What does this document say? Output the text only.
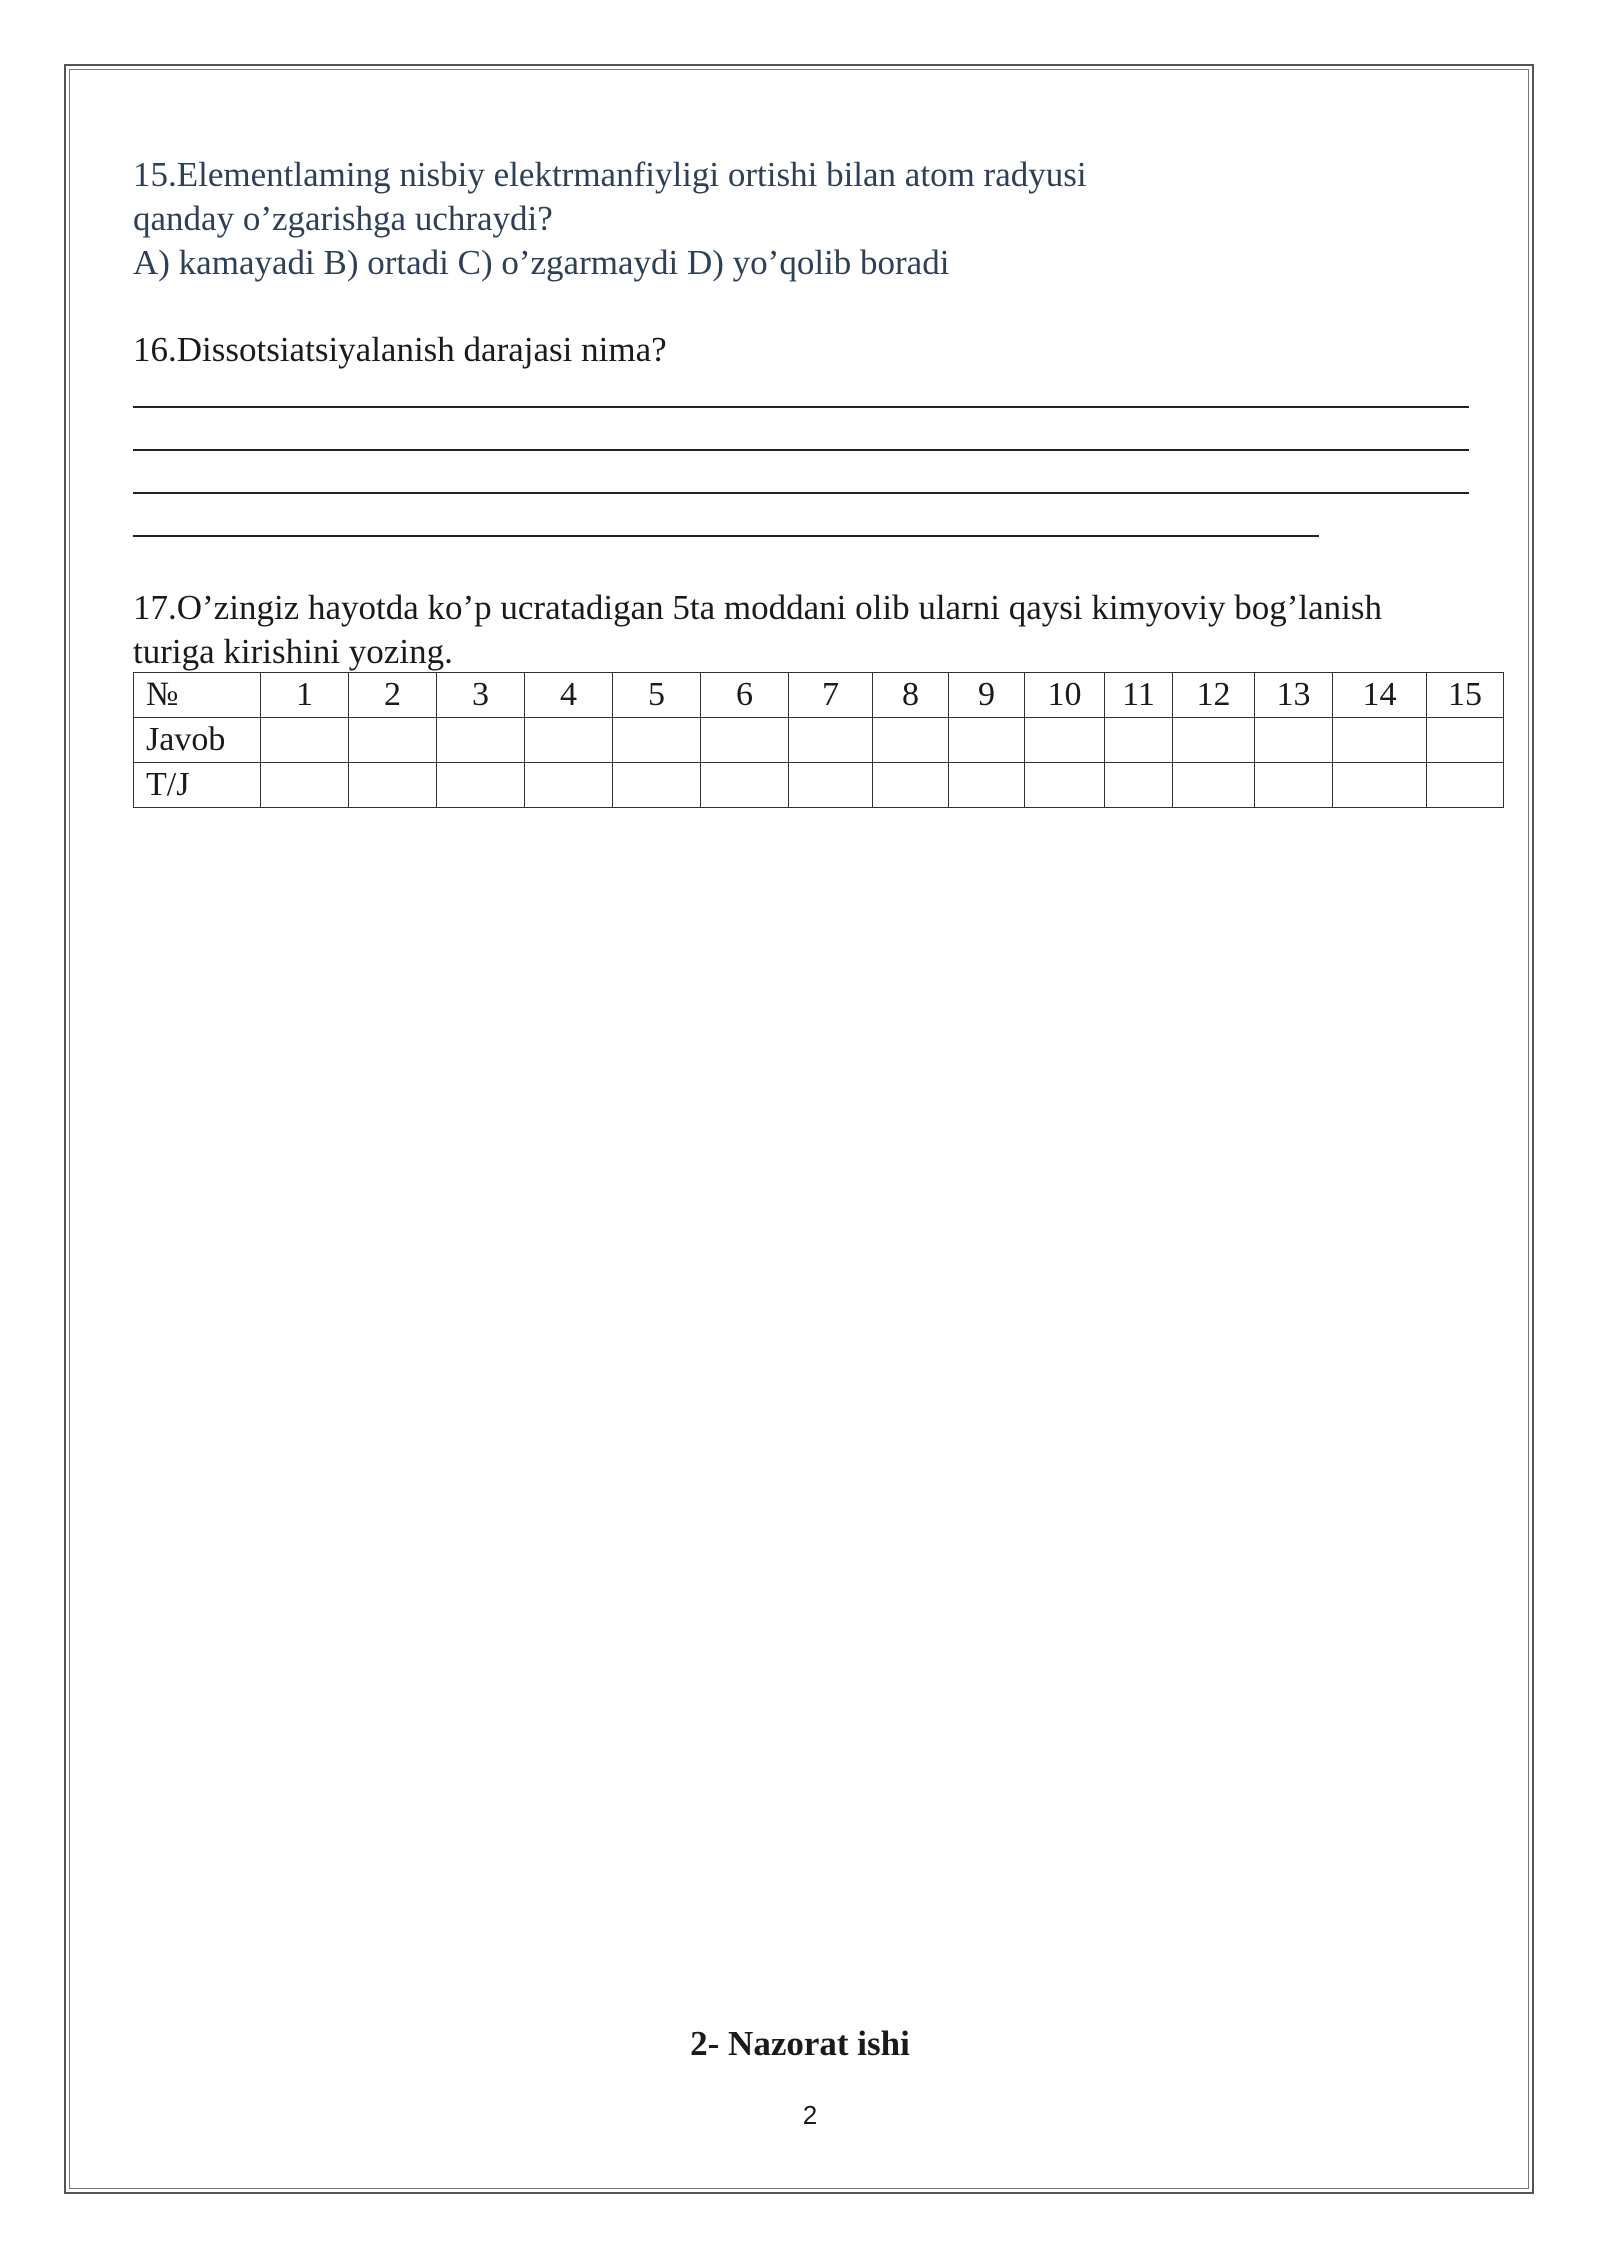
15.Elementlaming nisbiy elektrmanfiyligi ortishi bilan atom radyusi
qanday o’zgarishga uchraydi?
A) kamayadi B) ortadi C) o’zgarmaydi D) yo’qolib boradi
16.Dissotsiatsiyalanish darajasi nima?
17.O’zingiz hayotda ko’p ucratadigan 5ta moddani olib ularni qaysi kimyoviy bog’lanish
turiga kirishini yozing.
№	1	2	3	4	5	6	7	8	9	10	11	12	13	14	15
Javob															
T/J															
2- Nazorat ishi
2
